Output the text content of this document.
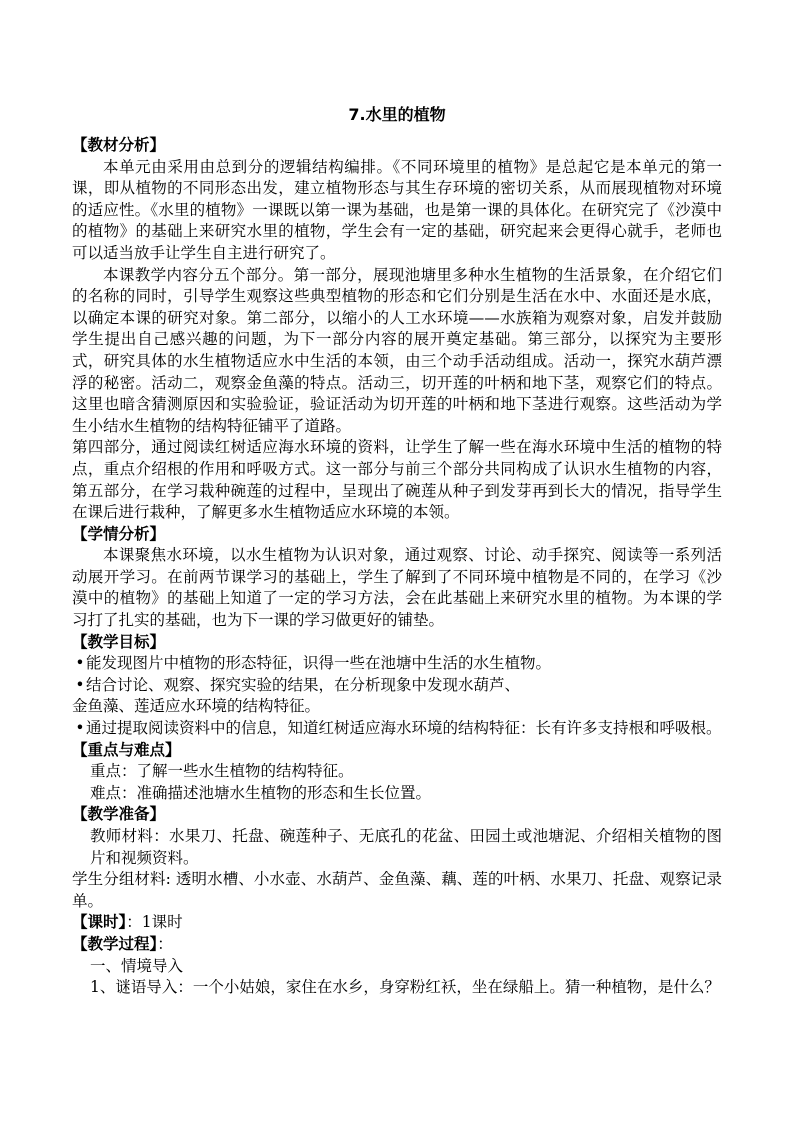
7.水里的植物
【教材分析】
本单元由采用由总到分的逻辑结构编排。《不同环境里的植物》是总起它是本单元的第一课，即从植物的不同形态出发，建立植物形态与其生存环境的密切关系，从而展现植物对环境的适应性。《水里的植物》一课既以第一课为基础，也是第一课的具体化。在研究完了《沙漠中的植物》的基础上来研究水里的植物，学生会有一定的基础，研究起来会更得心就手，老师也可以适当放手让学生自主进行研究了。
本课教学内容分五个部分。第一部分，展现池塘里多种水生植物的生活景象，在介绍它们的名称的同时，引导学生观察这些典型植物的形态和它们分别是生活在水中、水面还是水底，以确定本课的研究对象。第二部分，以缩小的人工水环境——水族箱为观察对象，启发并鼓励学生提出自己感兴趣的问题，为下一部分内容的展开奠定基础。第三部分，以探究为主要形式，研究具体的水生植物适应水中生活的本领，由三个动手活动组成。活动一，探究水葫芦漂浮的秘密。活动二，观察金鱼藻的特点。活动三，切开莲的叶柄和地下茎，观察它们的特点。这里也暗含猜测原因和实验验证，验证活动为切开莲的叶柄和地下茎进行观察。这些活动为学生小结水生植物的结构特征铺平了道路。
第四部分，通过阅读红树适应海水环境的资料，让学生了解一些在海水环境中生活的植物的特点，重点介绍根的作用和呼吸方式。这一部分与前三个部分共同构成了认识水生植物的内容，第五部分，在学习栽种碗莲的过程中，呈现出了碗莲从种子到发芽再到长大的情况，指导学生在课后进行栽种，了解更多水生植物适应水环境的本领。
【学情分析】
本课聚焦水环境，以水生植物为认识对象，通过观察、讨论、动手探究、阅读等一系列活动展开学习。在前两节课学习的基础上，学生了解到了不同环境中植物是不同的，在学习《沙漠中的植物》的基础上知道了一定的学习方法，会在此基础上来研究水里的植物。为本课的学习打了扎实的基础，也为下一课的学习做更好的铺垫。
【教学目标】
•能发现图片中植物的形态特征，识得一些在池塘中生活的水生植物。
•结合讨论、观察、探究实验的结果，在分析现象中发现水葫芦、
金鱼藻、莲适应水环境的结构特征。
•通过提取阅读资料中的信息，知道红树适应海水环境的结构特征：长有许多支持根和呼吸根。
【重点与难点】
重点：了解一些水生植物的结构特征。
难点：准确描述池塘水生植物的形态和生长位置。
【教学准备】
教师材料：水果刀、托盘、碗莲种子、无底孔的花盆、田园土或池塘泥、介绍相关植物的图片和视频资料。
学生分组材料: 透明水槽、小水壶、水葫芦、金鱼藻、藕、莲的叶柄、水果刀、托盘、观察记录单。
【课时】：1课时
【教学过程】：
一、情境导入
1、谜语导入：一个小姑娘，家住在水乡，身穿粉红袄，坐在绿船上。猜一种植物，是什么？
